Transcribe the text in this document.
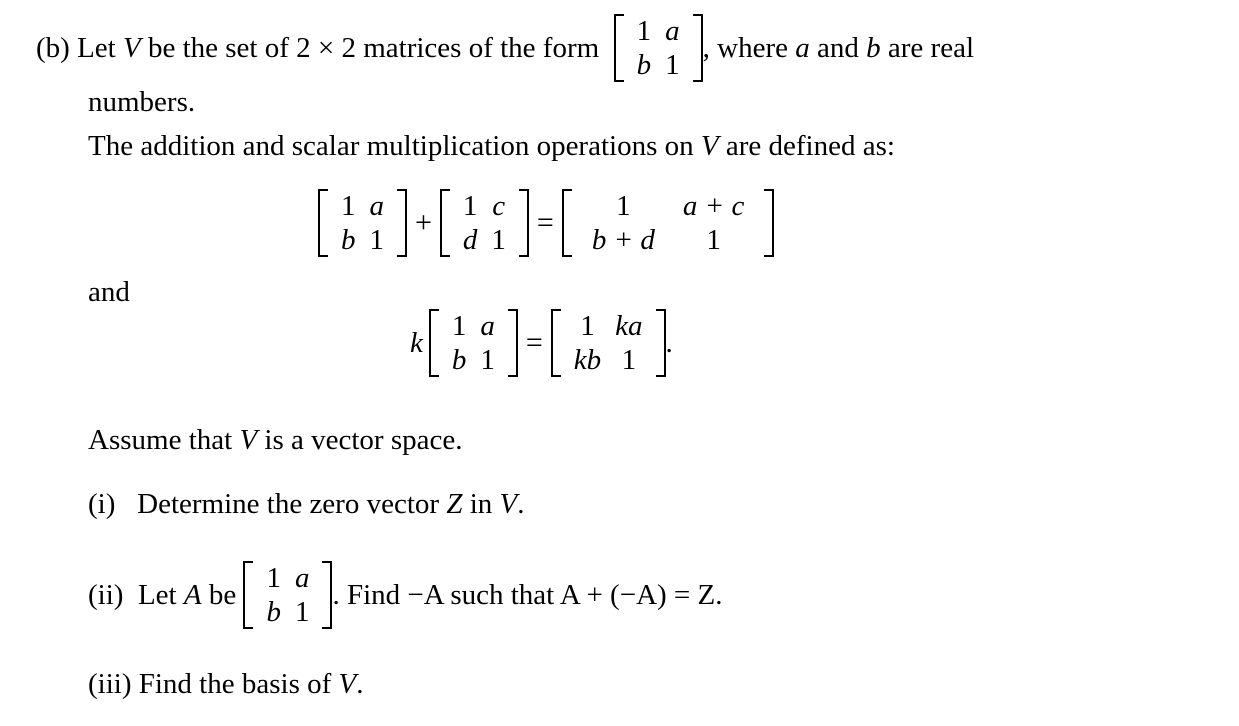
(b)
Let
V
be the set of 2 × 2 matrices of the form

1	a
b	1
, where
a
and
b
are real
numbers.
The addition and scalar multiplication operations on V are defined as:
1	a
b	1
+ 1	c
d	1
= 1	a + c
b + d	1
and
k
1	a
b	1
= 1	ka
kb	1
.
Assume that V is a vector space.
(i) Determine the zero vector Z in V.
(ii)
Let
A
be

1	a
b	1
. Find −A such that A + (−A) = Z.
(iii) Find the basis of V.
